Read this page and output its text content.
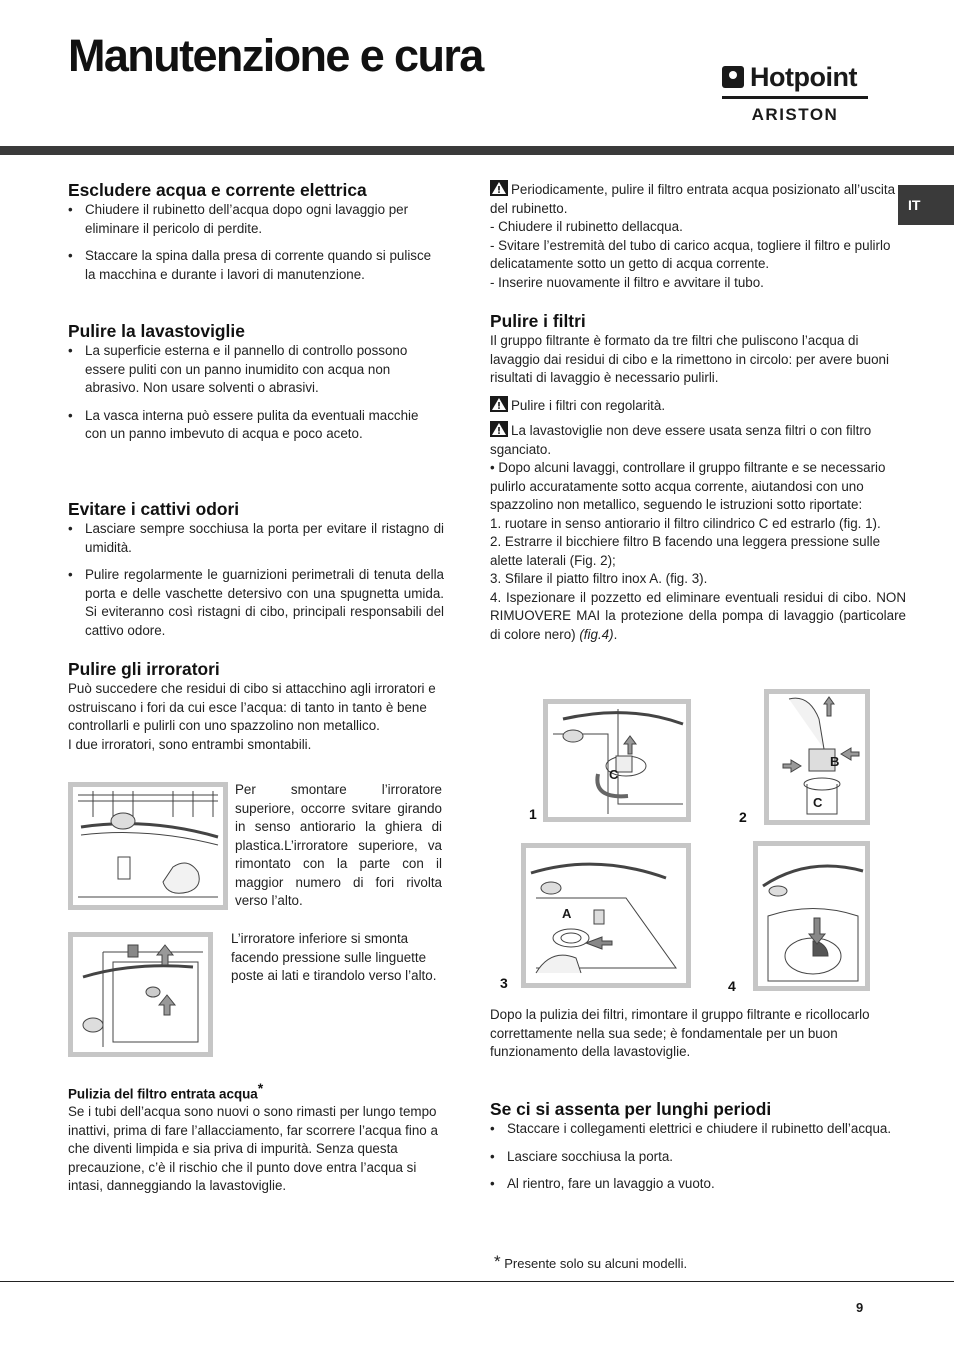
Manutenzione e cura	Hotpoint
ARISTON
IT
Escludere acqua e corrente elettrica
• Chiudere il rubinetto dell’acqua dopo ogni lavaggio per eliminare il pericolo di perdite.
• Staccare la spina dalla presa di corrente quando si pulisce la macchina e durante i lavori di manutenzione.
Pulire la lavastoviglie
• La superficie esterna e il pannello di controllo possono essere puliti con un panno inumidito con acqua non abrasivo. Non usare solventi o abrasivi.
• La vasca interna può essere pulita da eventuali macchie con un panno imbevuto di acqua e poco aceto.
Evitare i cattivi odori
• Lasciare sempre socchiusa la porta per evitare il ristagno di umidità.
• Pulire regolarmente le guarnizioni perimetrali di tenuta della porta e delle vaschette detersivo con una spugnetta umida. Si eviteranno così ristagni di cibo, principali responsabili del cattivo odore.
Pulire gli irroratori

Può succedere che residui di cibo si attacchino agli irroratori e ostruiscano i fori da cui esce l’acqua: di tanto in tanto è bene controllarli e pulirli con uno spazzolino non metallico.

I due irroratori, sono entrambi smontabili.

Per smontare l’irroratore superiore, occorre svitare girando in senso antiorario la ghiera di plastica.L’irroratore superiore, va rimontato con la parte con il maggior numero di fori rivolta verso l’alto.
L’irroratore inferiore si smonta facendo pressione sulle linguette poste ai lati e tirandolo verso l’alto.
Pulizia del filtro entrata acqua*

Se i tubi dell’acqua sono nuovi o sono rimasti per lungo tempo inattivi, prima di fare l’allacciamento, far scorrere l’acqua fino a che diventi limpida e sia priva di impurità. Senza questa precauzione, c’è il rischio che il punto dove entra l’acqua si intasi, danneggiando la lavastoviglie.

Periodicamente, pulire il filtro entrata acqua posizionato all’uscita del rubinetto.

- Chiudere il rubinetto dellacqua.

- Svitare l’estremità del tubo di carico acqua, togliere il filtro e pulirlo delicatamente sotto un getto di acqua corrente.

- Inserire nuovamente il filtro e avvitare il tubo.

Pulire i filtri

Il gruppo filtrante è formato da tre filtri che puliscono l’acqua di lavaggio dai residui di cibo e la rimettono in circolo: per avere buoni risultati di lavaggio è necessario pulirli.

Pulire i filtri con regolarità.

La lavastoviglie non deve essere usata senza filtri o con filtro sganciato.

• Dopo alcuni lavaggi, controllare il gruppo filtrante e se necessario pulirlo accuratamente sotto acqua corrente, aiutandosi con uno spazzolino non metallico, seguendo le istruzioni sotto riportate:

1. ruotare in senso antiorario il filtro cilindrico C ed estrarlo (fig. 1).

2. Estrarre il bicchiere filtro B facendo una leggera pressione sulle alette laterali (Fig. 2);

3. Sfilare il piatto filtro inox A. (fig. 3).

4. Ispezionare il pozzetto ed eliminare eventuali residui di cibo. NON RIMUOVERE MAI la protezione della pompa di lavaggio (particolare di colore nero) (fig.4).

C
1
B
C
2
A
3	4
Dopo la pulizia dei filtri, rimontare il gruppo filtrante e ricollocarlo correttamente nella sua sede; è fondamentale per un buon funzionamento della lavastoviglie.
Se ci si assenta per lunghi periodi
• Staccare i collegamenti elettrici e chiudere il rubinetto dell’acqua.
• Lasciare socchiusa la porta.
• Al rientro, fare un lavaggio a vuoto.
* Presente solo su alcuni modelli.
9
